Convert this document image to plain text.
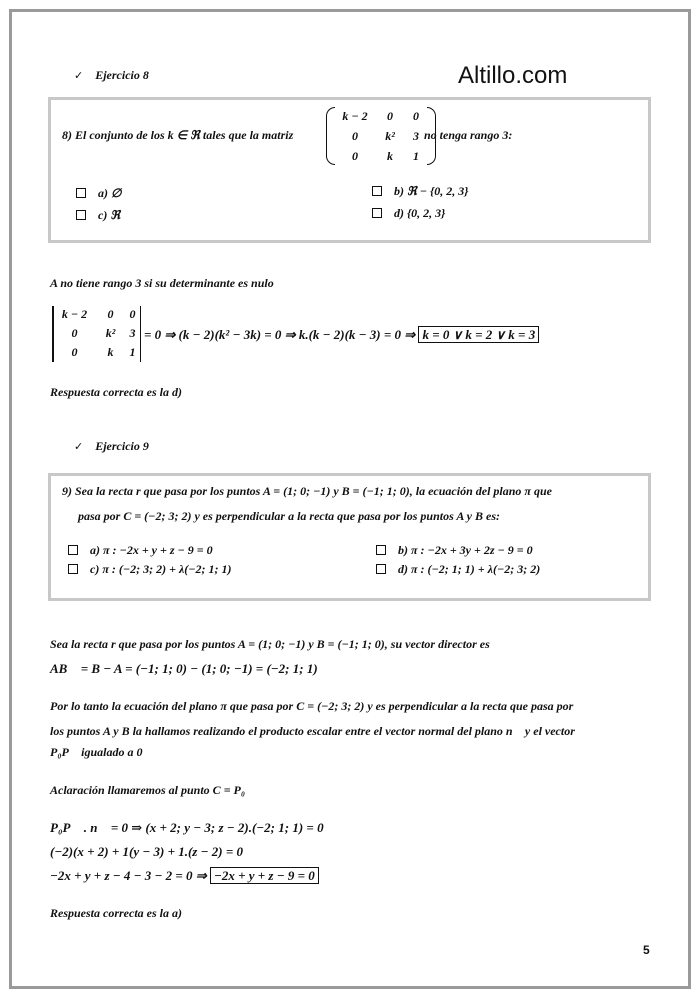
✓ Ejercicio 8	Altillo.com
8) El conjunto de los k ∈ ℜ tales que la matriz
k − 2	0	0
0	k²	3
0	k	1
no tenga rango 3:
a) ∅	b) ℜ − {0, 2, 3}
c) ℜ	d) {0, 2, 3}
A no tiene rango 3 si su determinante es nulo
k − 2	0	0
0	k²	3
0	k	1
= 0 ⇒ (k − 2)(k² − 3k) = 0 ⇒ k.(k − 2)(k − 3) = 0 ⇒ k = 0 ∨ k = 2 ∨ k = 3
Respuesta correcta es la d)
✓ Ejercicio 9
9) Sea la recta r que pasa por los puntos A = (1; 0; −1) y B = (−1; 1; 0), la ecuación del plano π que
pasa por C = (−2; 3; 2) y es perpendicular a la recta que pasa por los puntos A y B es:
a) π : −2x + y + z − 9 = 0	b) π : −2x + 3y + 2z − 9 = 0
c) π : (−2; 3; 2) + λ(−2; 1; 1)	d) π : (−2; 1; 1) + λ(−2; 3; 2)
Sea la recta r que pasa por los puntos A = (1; 0; −1) y B = (−1; 1; 0), su vector director es
AB⃗ = B − A = (−1; 1; 0) − (1; 0; −1) = (−2; 1; 1)
Por lo tanto la ecuación del plano π que pasa por C = (−2; 3; 2) y es perpendicular a la recta que pasa por
los puntos A y B la hallamos realizando el producto escalar entre el vector normal del plano n⃗ y el vector
P₀P⃗ igualado a 0
Aclaración llamaremos al punto C = P₀
P₀P⃗ . n⃗ = 0 ⇒ (x + 2; y − 3; z − 2).(−2; 1; 1) = 0
(−2)(x + 2) + 1(y − 3) + 1.(z − 2) = 0
−2x + y + z − 4 − 3 − 2 = 0 ⇒ −2x + y + z − 9 = 0
Respuesta correcta es la a)
5
